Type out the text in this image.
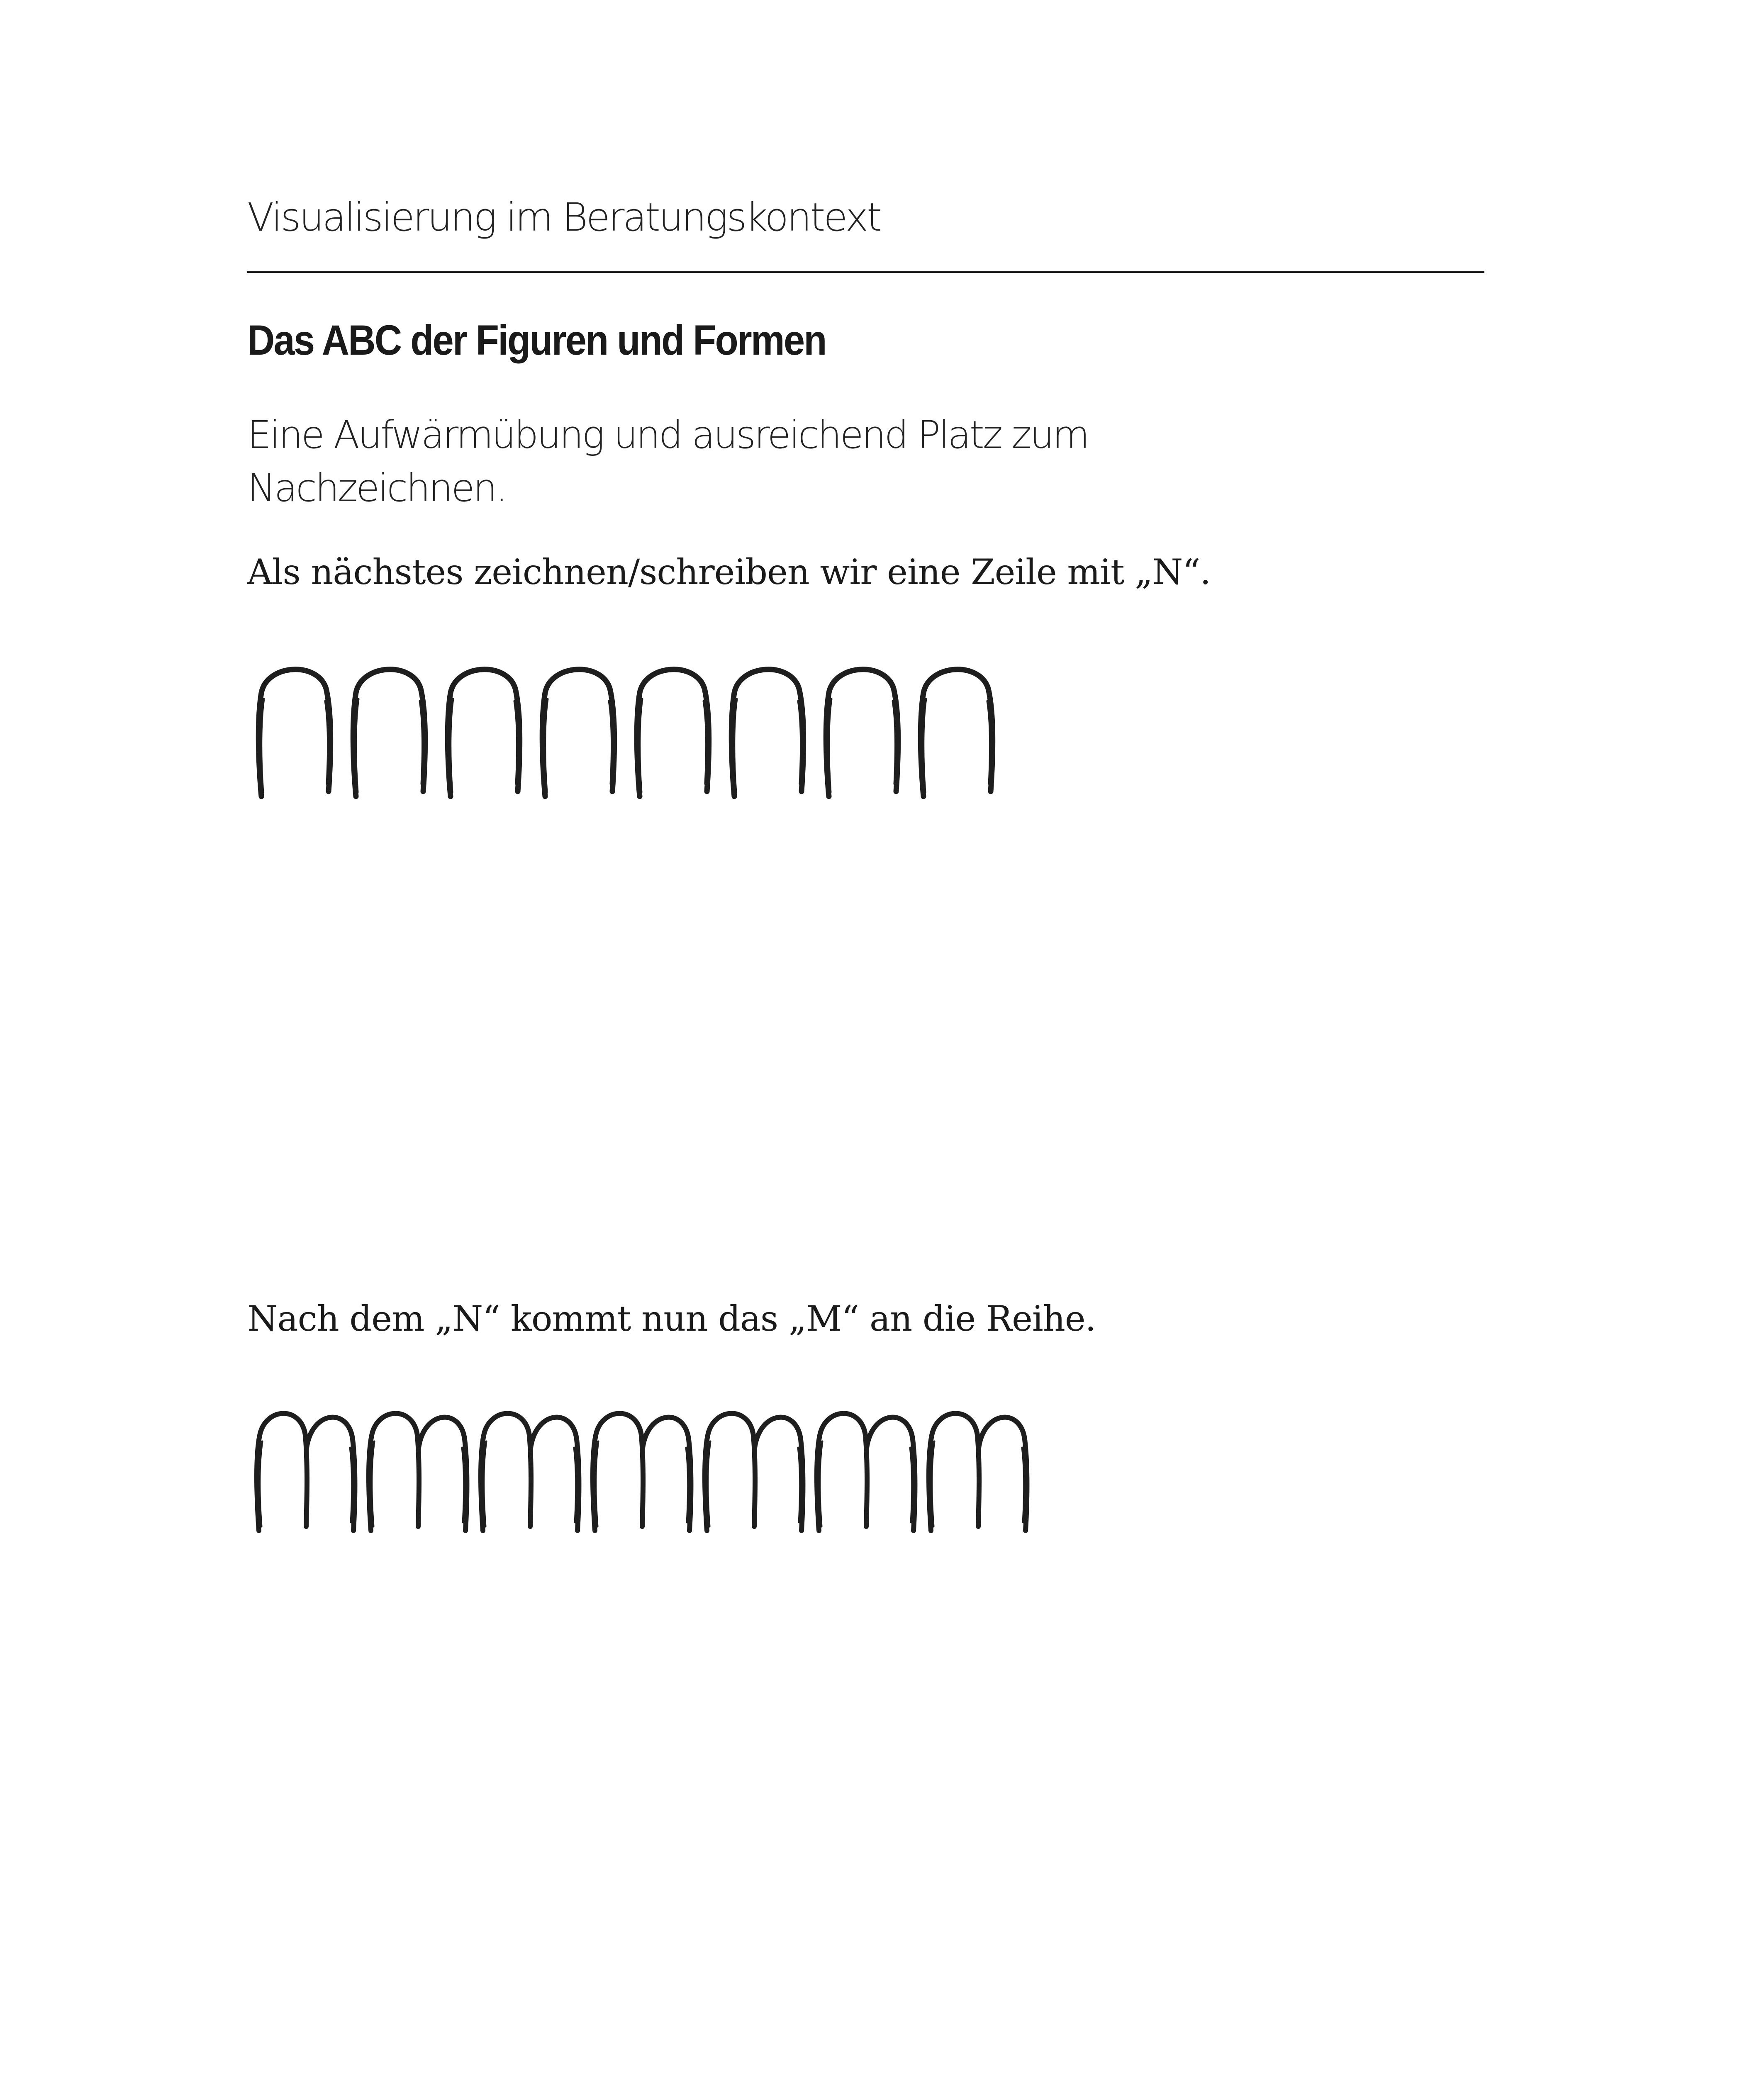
Visualisierung im Beratungskontext
Das ABC der Figuren und Formen
Eine Aufwärmübung und ausreichend Platz zum Nachzeichnen.
Als nächstes zeichnen/schreiben wir eine Zeile mit „N“.
Nach dem „N“ kommt nun das „M“ an die Reihe.
